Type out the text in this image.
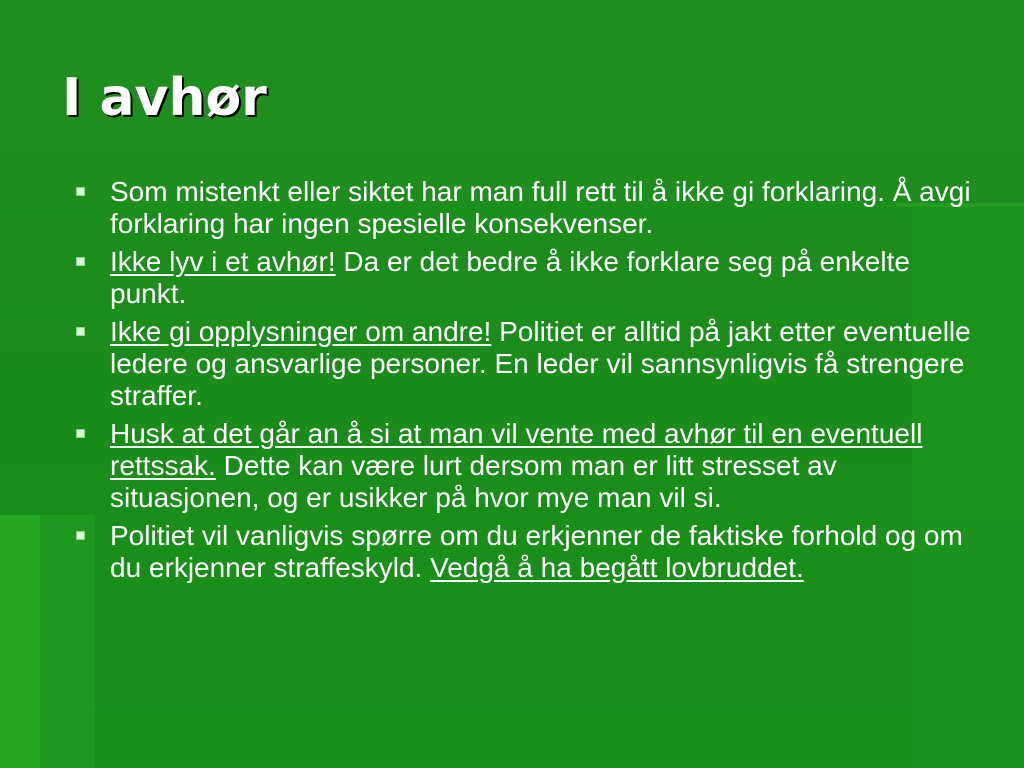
I avhør
Som mistenkt eller siktet har man full rett til å ikke gi forklaring. Å avgi forklaring har ingen spesielle konsekvenser.
Ikke lyv i et avhør! Da er det bedre å ikke forklare seg på enkelte punkt.
Ikke gi opplysninger om andre! Politiet er alltid på jakt etter eventuelle ledere og ansvarlige personer. En leder vil sannsynligvis få strengere straffer.
Husk at det går an å si at man vil vente med avhør til en eventuell rettssak. Dette kan være lurt dersom man er litt stresset av situasjonen, og er usikker på hvor mye man vil si.
Politiet vil vanligvis spørre om du erkjenner de faktiske forhold og om du erkjenner straffeskyld. Vedgå å ha begått lovbruddet.
